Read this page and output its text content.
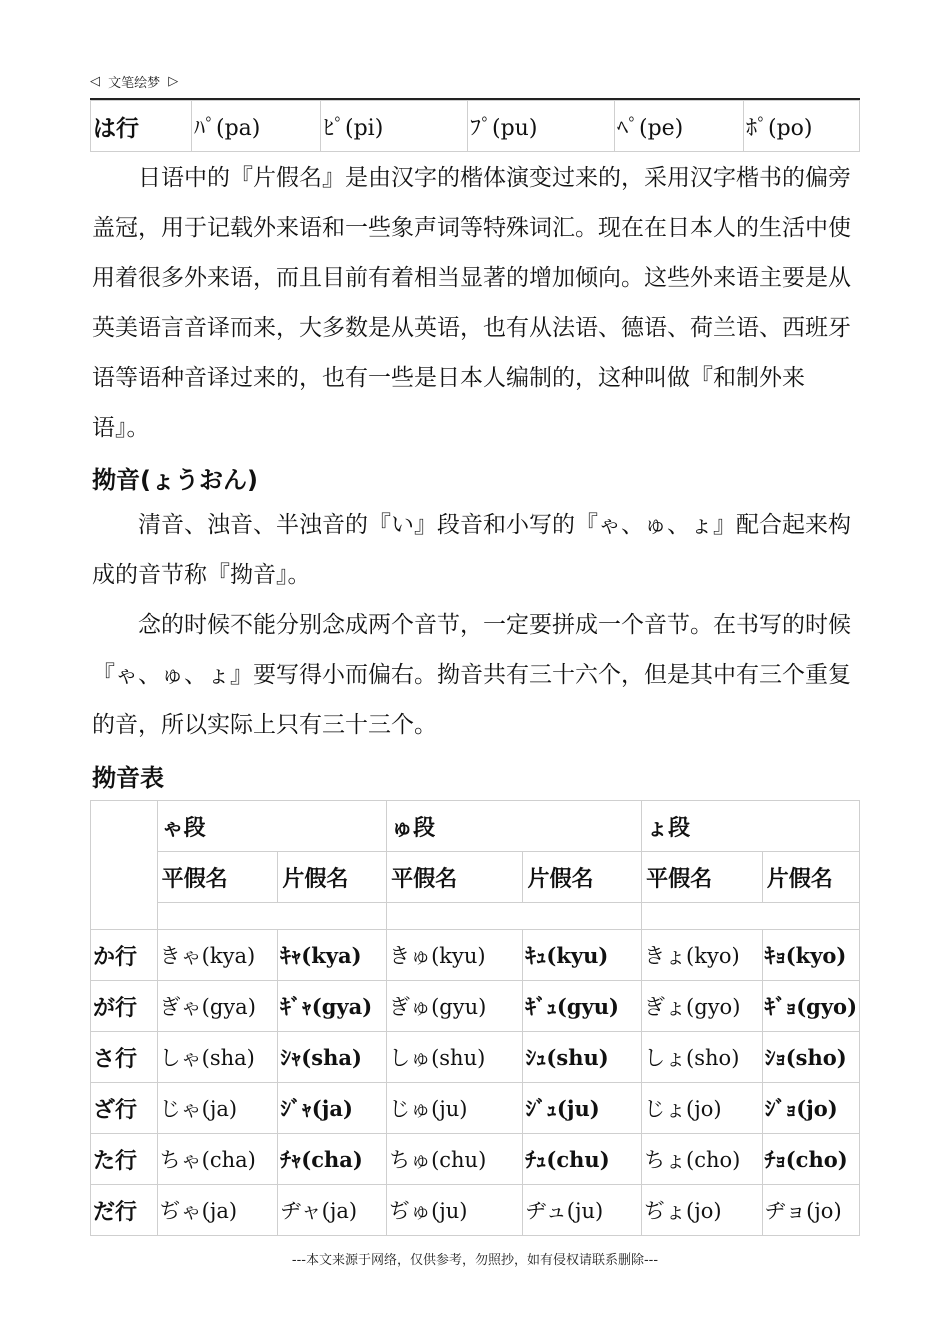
◁ 文笔绘梦 ▷
は行	ﾊﾟ(pa)	ﾋﾟ(pi)	ﾌﾟ(pu)	ﾍﾟ(pe)	ﾎﾟ(po)
日语中的『片假名』是由汉字的楷体演变过来的，采用汉字楷书的偏旁盖冠，用于记载外来语和一些象声词等特殊词汇。现在在日本人的生活中使用着很多外来语，而且目前有着相当显著的增加倾向。这些外来语主要是从英美语言音译而来，大多数是从英语，也有从法语、德语、荷兰语、西班牙语等语种音译过来的，也有一些是日本人编制的，这种叫做『和制外来语』。
拗音(ょうおん)
清音、浊音、半浊音的『い』段音和小写的『ゃ、ゅ、ょ』配合起来构成的音节称『拗音』。
念的时候不能分别念成两个音节，一定要拼成一个音节。在书写的时候『ゃ、ゅ、ょ』要写得小而偏右。拗音共有三十六个，但是其中有三个重复的音，所以实际上只有三十三个。
拗音表
	ゃ段		ゅ段		ょ段	
	平假名	片假名	平假名	片假名	平假名	片假名

か行	きゃ(kya)	ｷｬ(kya)	きゅ(kyu)	ｷｭ(kyu)	きょ(kyo)	ｷｮ(kyo)
が行	ぎゃ(gya)	ｷﾞｬ(gya)	ぎゅ(gyu)	ｷﾞｭ(gyu)	ぎょ(gyo)	ｷﾞｮ(gyo)
さ行	しゃ(sha)	ｼｬ(sha)	しゅ(shu)	ｼｭ(shu)	しょ(sho)	ｼｮ(sho)
ざ行	じゃ(ja)	ｼﾞｬ(ja)	じゅ(ju)	ｼﾞｭ(ju)	じょ(jo)	ｼﾞｮ(jo)
た行	ちゃ(cha)	ﾁｬ(cha)	ちゅ(chu)	ﾁｭ(chu)	ちょ(cho)	ﾁｮ(cho)
だ行	ぢゃ(ja)	ヂャ(ja)	ぢゅ(ju)	ヂュ(ju)	ぢょ(jo)	ヂョ(jo)
---本文来源于网络，仅供参考，勿照抄，如有侵权请联系删除---
